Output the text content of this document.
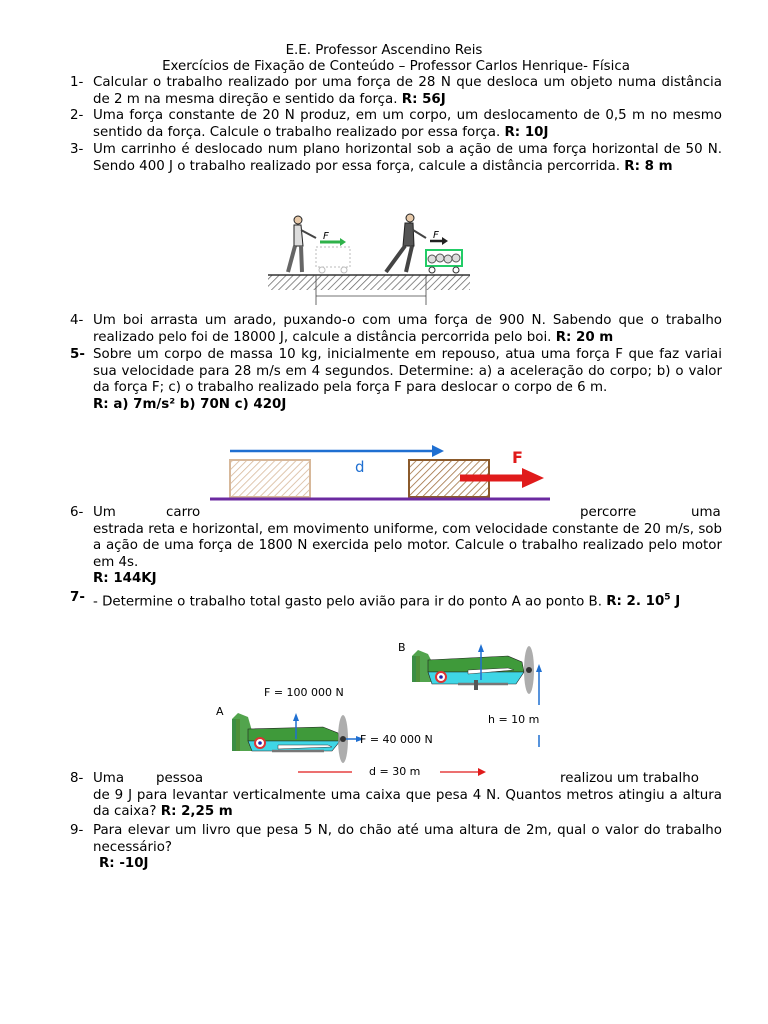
E.E. Professor Ascendino Reis
Exercícios de Fixação de Conteúdo – Professor Carlos Henrique- Física
1- Calcular o trabalho realizado por uma força de 28 N que desloca um objeto numa distância de 2 m na mesma direção e sentido da força. R: 56J
2- Uma força constante de 20 N produz, em um corpo, um deslocamento de 0,5 m no mesmo sentido da força. Calcule o trabalho realizado por essa força. R: 10J
3- Um carrinho é deslocado num plano horizontal sob a ação de uma força horizontal de 50 N. Sendo 400 J o trabalho realizado por essa força, calcule a distância percorrida. R: 8 m
F	F
4- Um boi arrasta um arado, puxando-o com uma força de 900 N. Sabendo que o trabalho realizado pelo foi de 18000 J, calcule a distância percorrida pelo boi. R: 20 m
5- Sobre um corpo de massa 10 kg, inicialmente em repouso, atua uma força F que faz variai sua velocidade para 28 m/s em 4 segundos. Determine: a) a aceleração do corpo; b) o valor da força F; c) o trabalho realizado pela força F para deslocar o corpo de 6 m.
R: a) 7m/s² b) 70N c) 420J
d	F
6- Um	carro	percorre	uma
estrada reta e horizontal, em movimento uniforme, com velocidade constante de 20 m/s, sob a ação de uma força de 1800 N exercida pelo motor. Calcule o trabalho realizado pelo motor em 4s.
R: 144KJ
7- - Determine o trabalho total gasto pelo avião para ir do ponto A ao ponto B. R: 2. $10^5$ J
B
A
F = 100 000 N
h = 10 m
F = 40 000 N
d = 30 m
8- Uma pessoa	realizou um trabalho
de 9 J para levantar verticalmente uma caixa que pesa 4 N. Quantos metros atingiu a altura da caixa? R: 2,25 m
9- Para elevar um livro que pesa 5 N, do chão até uma altura de 2m, qual o valor do trabalho necessário?
R: -10J
